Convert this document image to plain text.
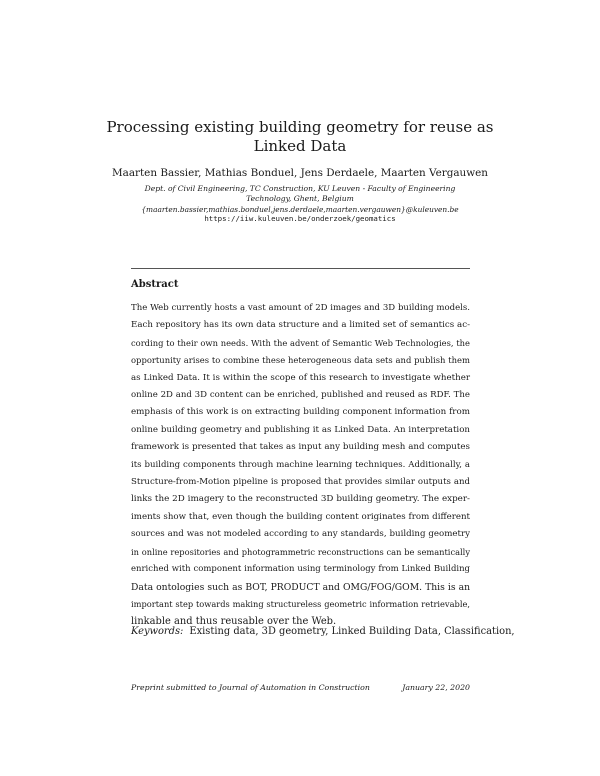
Processing existing building geometry for reuse as
Linked Data
Maarten Bassier, Mathias Bonduel, Jens Derdaele, Maarten Vergauwen
Dept. of Civil Engineering, TC Construction, KU Leuven - Faculty of Engineering
Technology, Ghent, Belgium
{maarten.bassier,mathias.bonduel,jens.derdaele,maarten.vergauwen}@kuleuven.be
https://iiw.kuleuven.be/onderzoek/geomatics
Abstract
The Web currently hosts a vast amount of 2D images and 3D building models.
Each repository has its own data structure and a limited set of semantics ac-
cording to their own needs. With the advent of Semantic Web Technologies, the
opportunity arises to combine these heterogeneous data sets and publish them
as Linked Data. It is within the scope of this research to investigate whether
online 2D and 3D content can be enriched, published and reused as RDF. The
emphasis of this work is on extracting building component information from
online building geometry and publishing it as Linked Data. An interpretation
framework is presented that takes as input any building mesh and computes
its building components through machine learning techniques. Additionally, a
Structure-from-Motion pipeline is proposed that provides similar outputs and
links the 2D imagery to the reconstructed 3D building geometry. The exper-
iments show that, even though the building content originates from different
sources and was not modeled according to any standards, building geometry
in online repositories and photogrammetric reconstructions can be semantically
enriched with component information using terminology from Linked Building
Data ontologies such as BOT, PRODUCT and OMG/FOG/GOM. This is an
important step towards making structureless geometric information retrievable,
linkable and thus reusable over the Web.
Keywords: Existing data, 3D geometry, Linked Building Data, Classification,
Preprint submitted to Journal of Automation in Construction	January 22, 2020
